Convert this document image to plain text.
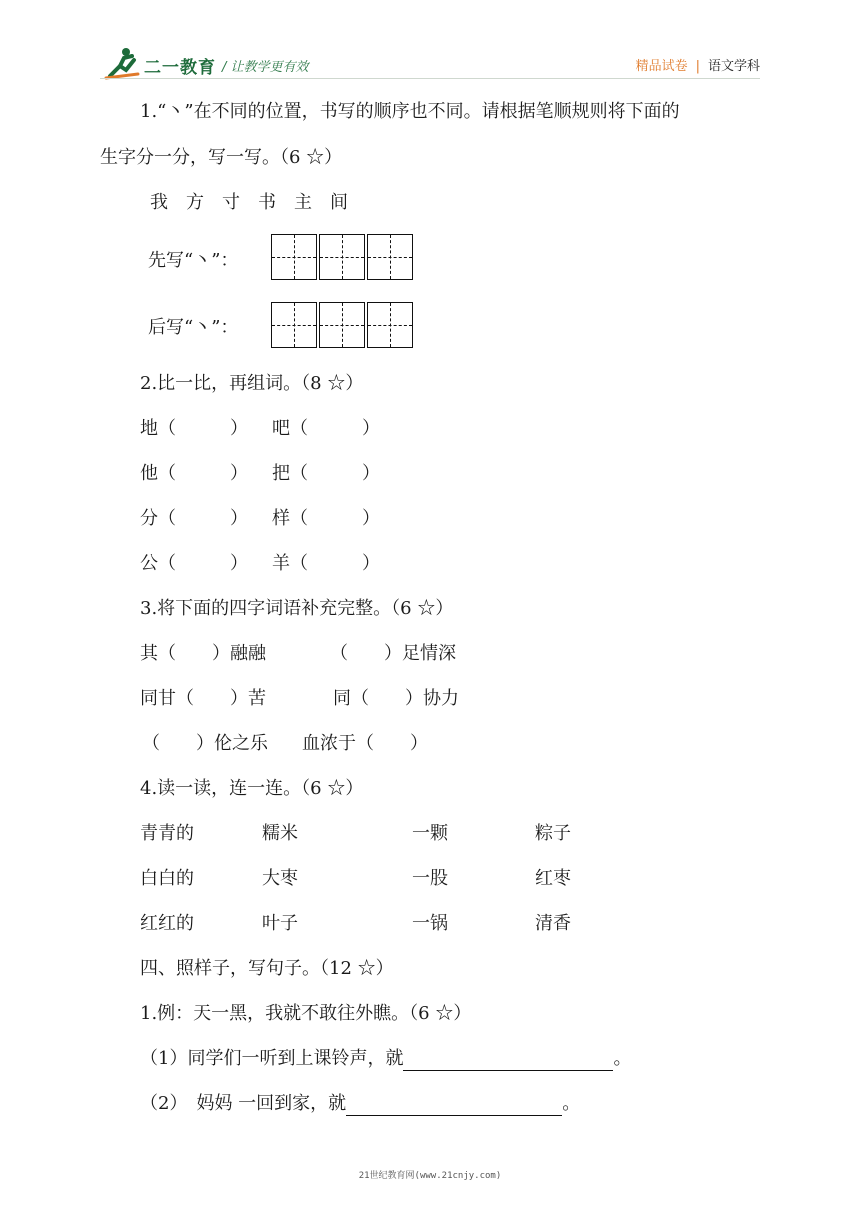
二一教育 / 让教学更有效	精品试卷 | 语文学科
1.“丶”在不同的位置，书写的顺序也不同。请根据笔顺规则将下面的
生字分一分，写一写。（6 ☆）
我　 方　 寸　 书　 主　 间
先写“丶”：
后写“丶”：
2.比一比，再组词。（8 ☆）
地（　　　） 吧（　　　）
他（　　　） 把（　　　）
分（　　　） 样（　　　）
公（　　　） 羊（　　　）
3.将下面的四字词语补充完整。（6 ☆）
其（　　）融融	（　　）足情深
同甘（　　）苦	同（　　）协力
（　　）伦之乐 血浓于（　　）
4.读一读，连一连。（6 ☆）
青青的	糯米	一颗	粽子
白白的	大枣	一股	红枣
红红的	叶子	一锅	清香
四、照样子，写句子。（12 ☆）
1.例：天一黑，我就不敢往外瞧。（6 ☆）
（1）同学们一听到上课铃声，就	。
（2）　妈妈 一回到家，就	。
21世纪教育网(www.21cnjy.com)
